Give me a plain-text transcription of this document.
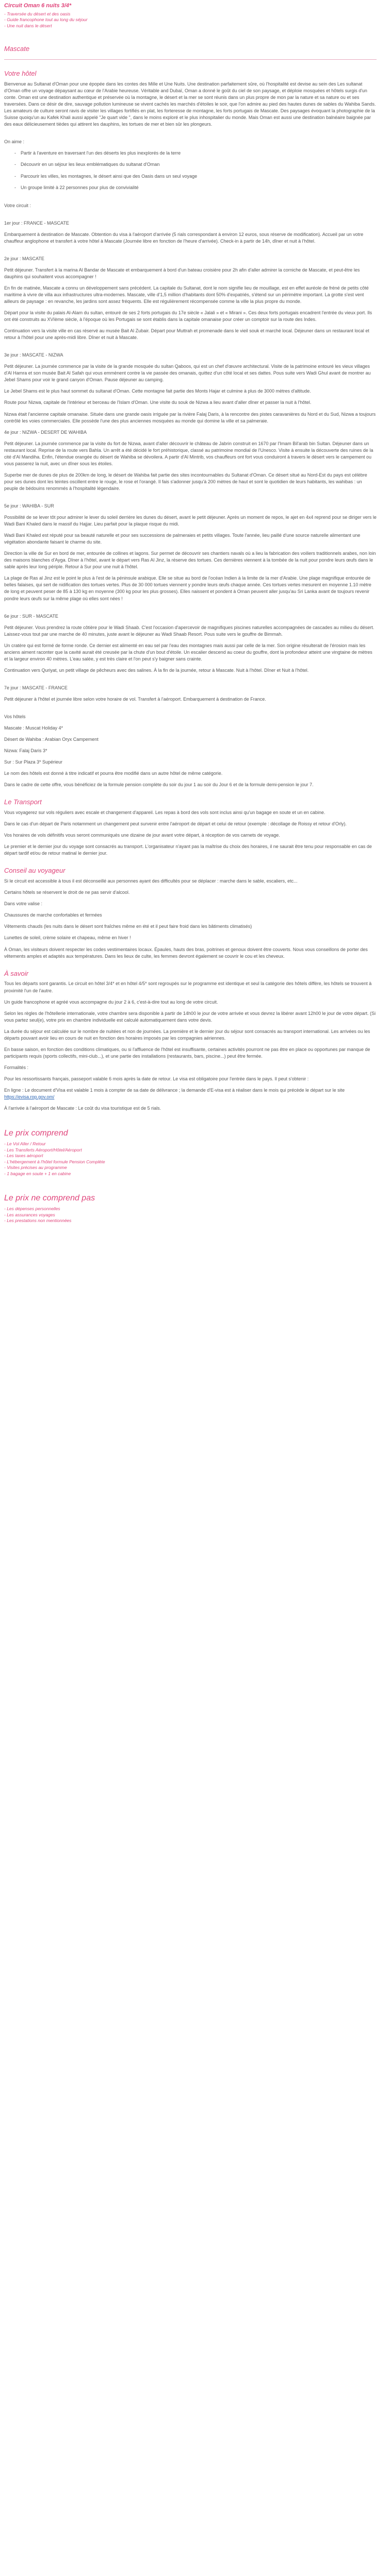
Circuit Oman 6 nuits 3/4*
- Traversée du désert et des oasis
- Guide francophone tout au long du séjour
- Une nuit dans le désert
Mascate
Votre hôtel

Bienvenue au Sultanat d'Oman pour une épopée dans les contes des Mille et Une Nuits. Une destination parfaitement sûre, où l'hospitalité est devise au sein des Les sultanat d'Oman offre un voyage dépaysant au cœur de l'Arabie heureuse. Véritable and Dubaï, Oman a donné le goût du ciel de son paysage, et déploie mosquées et hôtels surgis d'un conte. Oman est une destination authentique et préservée où la montagne, le désert et la mer se sont réunis dans un plus propre de mon par la nature et sa nature ou et ses traversées. Dans ce désir de dire, sauvage pollution lumineuse se vivent cachés les marchés d'étoiles le soir, que l'on admire au pied des hautes dunes de sables du Wahiba Sands. Les amateurs de culture seront ravis de visiter les villages fortifiés en plat, les forteresse de montagne, les forts portugais de Mascate. Des paysages évoquant la photographie de la Suisse quoiqu'un au Kafek Khali aussi appelé "Je quart vide ", dans le moins exploré et le plus inhospitalier du monde. Mais Oman est aussi une destination balnéaire baignée par des eaux délicieusement tièdes qui attirent les dauphins, les tortues de mer et bien sûr les plongeurs.

On aime :

- Partir à l'aventure en traversant l'un des déserts les plus inexplorés de la terre
- Découvrir en un séjour les lieux emblématiques du sultanat d'Oman
- Parcourir les villes, les montagnes, le désert ainsi que des Oasis dans un seul voyage
- Un groupe limité à 22 personnes pour plus de convivialité

Votre circuit :

1er jour : FRANCE - MASCATE

Embarquement à destination de Mascate. Obtention du visa à l'aéroport d'arrivée (5 rials correspondant à environ 12 euros, sous réserve de modification). Accueil par un votre chauffeur anglophone et transfert à votre hôtel à Mascate (Journée libre en fonction de l'heure d'arrivée). Check-in à partir de 14h, dîner et nuit à l'hôtel.

2e jour : MASCATE

Petit déjeuner. Transfert à la marina Al Bandar de Mascate et embarquement à bord d'un bateau croisière pour 2h afin d'aller admirer la corniche de Mascate, et peut-être les dauphins qui souhaitent vous accompagner !

En fin de matinée, Mascate a connu un développement sans précédent. La capitale du Sultanat, dont le nom signifie lieu de mouillage, est en effet auréole de fréné de petits côté maritime à vivre de villa aux infrastructures ultra-modernes. Mascate, ville d'1,5 million d'habitants dont 50% d'expatriés, s'étend sur un périmètre important. La grotte s'est vent ailleurs de paysage : en revanche, les jardins sont assez fréquents. Elle est régulièrement récompensée comme la ville la plus propre du monde.

Départ pour la visite du palais Al-Alam du sultan, entouré de ses 2 forts portugais du 17e siècle « Jalali » et « Mirani ». Ces deux forts portugais encadrent l'entrée du vieux port. Ils ont été construits au XVIème siècle, à l'époque où les Portugais se sont établis dans la capitale omanaise pour créer un comptoir sur la route des Indes.

Continuation vers la visite ville en cas réservé au musée Bait Al Zubair. Départ pour Muttrah et promenade dans le vieil souk et marché local. Déjeuner dans un restaurant local et retour à l'hôtel pour une après-midi libre. Dîner et nuit à Mascate.

3e jour : MASCATE - NIZWA

Petit déjeuner. La journée commence par la visite de la grande mosquée du sultan Qaboos, qui est un chef d'œuvre architectural. Visite de la patrimoine entouré les vieux villages d'Al Hamra et son musée Bait Al Safah qui vous emmènent contre la vie passée des omanais, quittez d'un côté local et ses dattes. Pous suite vers Wadi Ghul avant de montrer au Jebel Shams pour voir le grand canyon d'Oman. Pause déjeuner au camping.

Le Jebel Shams est le plus haut sommet du sultanat d'Oman. Cette montagne fait partie des Monts Hajar et culmine à plus de 3000 mètres d'altitude.

Route pour Nizwa, capitale de l'intérieur et berceau de l'Islam d'Oman. Une visite du souk de Nizwa a lieu avant d'aller dîner et passer la nuit à l'hôtel.

Nizwa était l'ancienne capitale omanaise. Située dans une grande oasis irriguée par la rivière Falaj Daris, à la rencontre des pistes caravanières du Nord et du Sud, Nizwa a toujours contrôlé les voies commerciales. Elle possède l'une des plus anciennes mosquées au monde qui domine la ville et sa palmeraie.

4e jour : NIZWA - DESERT DE WAHIBA

Petit déjeuner. La journée commence par la visite du fort de Nizwa, avant d'aller découvrir le château de Jabrin construit en 1670 par l'Imam Bil'arab bin Sultan. Déjeuner dans un restaurant local. Reprise de la route vers Bahla. Un arrêt a été décidé le fort préhistorique, classé au patrimoine mondial de l'Unesco. Visite à ensuite la découverte des ruines de la cité d'Al Mandiha. Enfin, l'étendue orangée du désert de Wahiba se dévoilera. A partir d'Al Mintrib, vos chauffeurs ont fort vous conduiront à travers le désert vers le campement ou vous passerez la nuit, avec un dîner sous les étoiles.

Superbe mer de dunes de plus de 200km de long, le désert de Wahiba fait partie des sites incontournables du Sultanat d'Oman. Ce désert situé au Nord-Est du pays est célèbre pour ses dunes dont les teintes oscillent entre le rouge, le rose et l'orangé. Il fais s'adonner jusqu'à 200 mètres de haut et sont le quotidien de leurs habitants, les wahibas : un peuple de bédouins renommés à l'hospitalité légendaire.

5e jour : WAHIBA - SUR

Possibilité de se lever tôt pour admirer le lever du soleil derrière les dunes du désert, avant le petit déjeuner. Après un moment de repos, le ajet en 4x4 reprend pour se diriger vers le Wadi Bani Khaled dans le massif du Hajjar. Lieu parfait pour la plaque risque du midi.

Wadi Bani Khaled est réputé pour sa beauté naturelle et pour ses successions de palmeraies et petits villages. Toute l'année, lieu paillé d'une source naturelle alimentant une végétation abondante faisant le charme du site.

Direction la ville de Sur en bord de mer, entourée de collines et lagons. Sur permet de découvrir ses chantiers navals où a lieu la fabrication des voiliers traditionnels arabes, non loin des maisons blanches d'Ayga. Dîner à l'hôtel, avant le départ vers Ras Al Jinz, la réserve des tortues. Ces dernières viennent à la tombée de la nuit pour pondre leurs œufs dans le sable après leur long périple. Retour à Sur pour une nuit à l'hôtel.

La plage de Ras al Jinz est le point le plus à l'est de la péninsule arabique. Elle se situe au bord de l'océan Indien à la limite de la mer d'Arabie. Une plage magnifique entourée de belles falaises, qui sert de nidification des tortues vertes. Plus de 30 000 tortues viennent y pondre leurs œufs chaque année. Ces tortues vertes mesurent en moyenne 1.10 mètre de long et peuvent peser de 85 à 130 kg en moyenne (300 kg pour les plus grosses). Elles naissent et pondent à Oman peuvent aller jusqu'au Sri Lanka avant de toujours revenir pondre leurs œufs sur la même plage où elles sont nées !

6e jour : SUR - MASCATE

Petit déjeuner. Vous prendrez la route côtière pour le Wadi Shaab. C'est l'occasion d'apercevoir de magnifiques piscines naturelles accompagnées de cascades au milieu du désert. Laissez-vous tout par une marche de 40 minutes, juste avant le déjeuner au Wadi Shaab Resort. Pous suite vers le gouffre de Bimmah.

Un cratère qui est formé de forme ronde. Ce dernier est alimenté en eau sel par l'eau des montagnes mais aussi par celle de la mer. Son origine résulterait de l'érosion mais les anciens aiment raconter que la cavité aurait été creusée par la chute d'un bout d'étoile. Un escalier descend au coeur du gouffre, dont la profondeur atteint une vingtaine de mètres et la largeur environ 40 mètres. L'eau salée, y est très claire et l'on peut s'y baigner sans crainte.

Continuation vers Quriyat, un petit village de pêcheurs avec des salines. À la fin de la journée, retour à Mascate. Nuit à l'hôtel. Dîner et Nuit à l'hôtel.

7e jour : MASCATE - FRANCE

Petit déjeuner à l'hôtel et journée libre selon votre horaire de vol. Transfert à l'aéroport. Embarquement à destination de France.

Vos hôtels

Mascate : Muscat Holiday 4*

Désert de Wahiba : Arabian Oryx Campement

Nizwa: Falaj Daris 3*

Sur : Sur Plaza 3* Supérieur

Le nom des hôtels est donné à titre indicatif et pourra être modifié dans un autre hôtel de même catégorie.

Dans le cadre de cette offre, vous bénéficiez de la formule pension complète du soir du jour 1 au soir du Jour 6 et de la formule demi-pension le jour 7.

Le Transport

Vous voyagerez sur vols réguliers avec escale et changement d'appareil. Les repas à bord des vols sont inclus ainsi qu'un bagage en soute et un en cabine.

Dans le cas d'un départ de Paris notamment un changement peut survenir entre l'aéroport de départ et celui de retour (exemple : décollage de Roissy et retour d'Orly).

Vos horaires de vols définitifs vous seront communiqués une dizaine de jour avant votre départ, à réception de vos carnets de voyage.

Le premier et le dernier jour du voyage sont consacrés au transport. L'organisateur n'ayant pas la maîtrise du choix des horaires, il ne saurait être tenu pour responsable en cas de départ tardif et/ou de retour matinal le dernier jour.

Conseil au voyageur

Si le circuit est accessible à tous il est déconseillé aux personnes ayant des difficultés pour se déplacer : marche dans le sable, escaliers, etc...

Certains hôtels se réservent le droit de ne pas servir d'alcool.

Dans votre valise :

Chaussures de marche confortables et fermées

Vêtements chauds (les nuits dans le désert sont fraîches même en été et il peut faire froid dans les bâtiments climatisés)

Lunettes de soleil, crème solaire et chapeau, même en hiver !

À Oman, les visiteurs doivent respecter les codes vestimentaires locaux. Épaules, hauts des bras, poitrines et genoux doivent être couverts. Nous vous conseillons de porter des vêtements amples et adaptés aux températures. Dans les lieux de culte, les femmes devront également se couvrir le cou et les cheveux.

À savoir

Tous les départs sont garantis. Le circuit en hôtel 3/4* et en hôtel 4/5* sont regroupés sur le programme est identique et seul la catégorie des hôtels diffère, les hôtels se trouvent à proximité l'un de l'autre.

Un guide francophone et agréé vous accompagne du jour 2 à 6, c'est-à-dire tout au long de votre circuit.

Selon les règles de l'hôtellerie internationale, votre chambre sera disponible à partir de 14h00 le jour de votre arrivée et vous devrez la libérer avant 12h00 le jour de votre départ. (Si vous partez seul(e), votre prix en chambre individuelle est calculé automatiquement dans votre devis.

La durée du séjour est calculée sur le nombre de nuitées et non de journées. La première et le dernier jour du séjour sont consacrés au transport international. Les arrivées ou les départs pouvant avoir lieu en cours de nuit en fonction des horaires imposés par les compagnies aériennes.

En basse saison, en fonction des conditions climatiques, ou si l'affluence de l'hôtel est insuffisante, certaines activités pourront ne pas être en place ou opportunes par manque de participants requis (sports collectifs, mini-club...), et une partie des installations (restaurants, bars, piscine...) peut être fermée.

Formalités :

Pour les ressortissants français, passeport valable 6 mois après la date de retour. Le visa est obligatoire pour l'entrée dans le pays. Il peut s'obtenir :

En ligne : Le document d'Visa est valable 1 mois à compter de sa date de délivrance ; la demande d'E-visa est à réaliser dans le mois qui précède le départ sur le site https://evisa.rop.gov.om/

À l'arrivée à l'aéroport de Mascate : Le coût du visa touristique est de 5 rials.

Le prix comprend
- Le Vol Aller / Retour
- Les Transferts Aéroport/Hôtel/Aéroport
- Les taxes aéroport
- L'hébergement à l'hôtel formule Pension Complète
- Visites précises au programme
- 1 bagage en soute + 1 en cabine
Le prix ne comprend pas
- Les dépenses personnelles
- Les assurances voyages
- Les prestations non mentionnées
